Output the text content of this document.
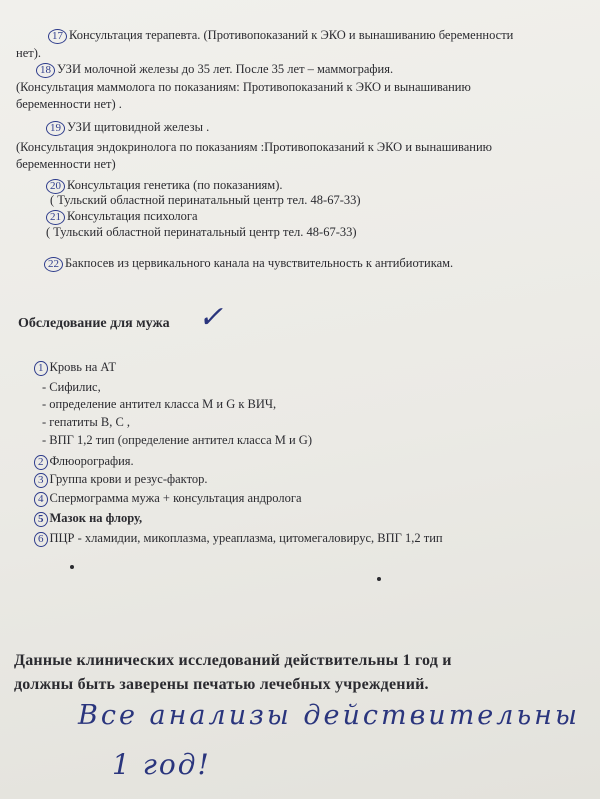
17 Консультация терапевта. (Противопоказаний к ЭКО и вынашиванию беременности
нет).
18 УЗИ молочной железы до 35 лет. После 35 лет – маммография.
(Консультация маммолога по показаниям: Противопоказаний к ЭКО и вынашиванию
беременности нет) .
19 УЗИ щитовидной железы .
(Консультация эндокринолога по показаниям :Противопоказаний к ЭКО и вынашиванию
беременности нет)
20 Консультация генетика (по показаниям).
( Тульский областной перинатальный центр тел. 48-67-33)
21 Консультация психолога
( Тульский областной перинатальный центр тел. 48-67-33)
22 Бакпосев из цервикального канала на чувствительность к антибиотикам.
Обследование для мужа ✓
1 Кровь на АТ
- Сифилис,
- определение антител класса М и G к ВИЧ,
- гепатиты В, С ,
- ВПГ 1,2 тип (определение антител класса М и G)
2 Флюорография.
3 Группа крови и резус-фактор.
4 Спермограмма мужа + консультация андролога
5 Мазок на флору,
6 ПЦР - хламидии, микоплазма, уреаплазма, цитомегаловирус, ВПГ 1,2 тип
Данные клинических исследований действительны 1 год и
должны быть заверены печатью лечебных учреждений.
Все анализы действительны
1 год!
